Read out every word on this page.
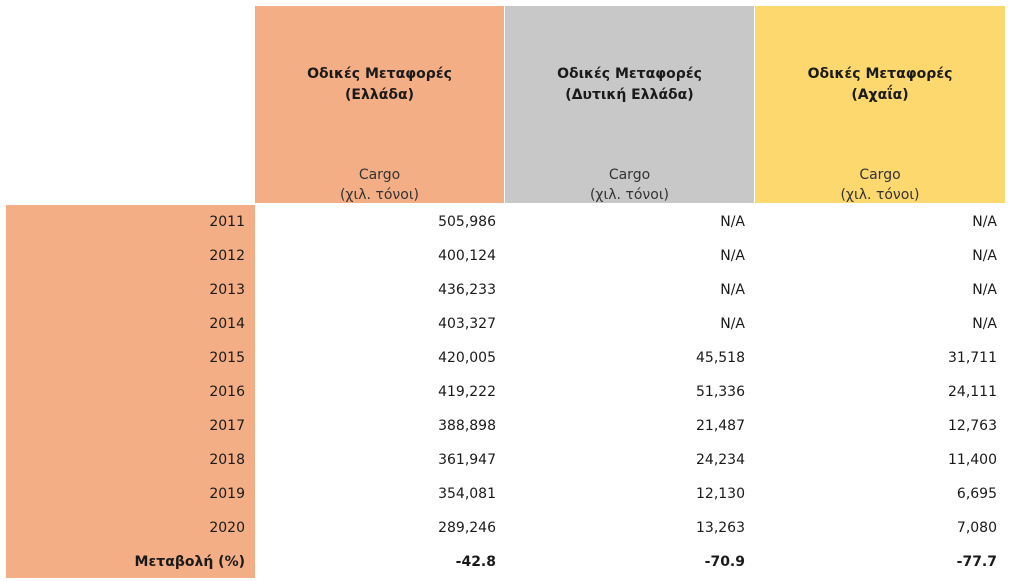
Οδικές Μεταφορές
(Ελλάδα)
Cargo
(χιλ. τόνοι)
Οδικές Μεταφορές
(Δυτική Ελλάδα)
Cargo
(χιλ. τόνοι)
Οδικές Μεταφορές
(Αχαΐα)
Cargo
(χιλ. τόνοι)
2011	505,986	N/A	N/A
2012	400,124	N/A	N/A
2013	436,233	N/A	N/A
2014	403,327	N/A	N/A
2015	420,005	45,518	31,711
2016	419,222	51,336	24,111
2017	388,898	21,487	12,763
2018	361,947	24,234	11,400
2019	354,081	12,130	6,695
2020	289,246	13,263	7,080
Μεταβολή (%)	-42.8	-70.9	-77.7
